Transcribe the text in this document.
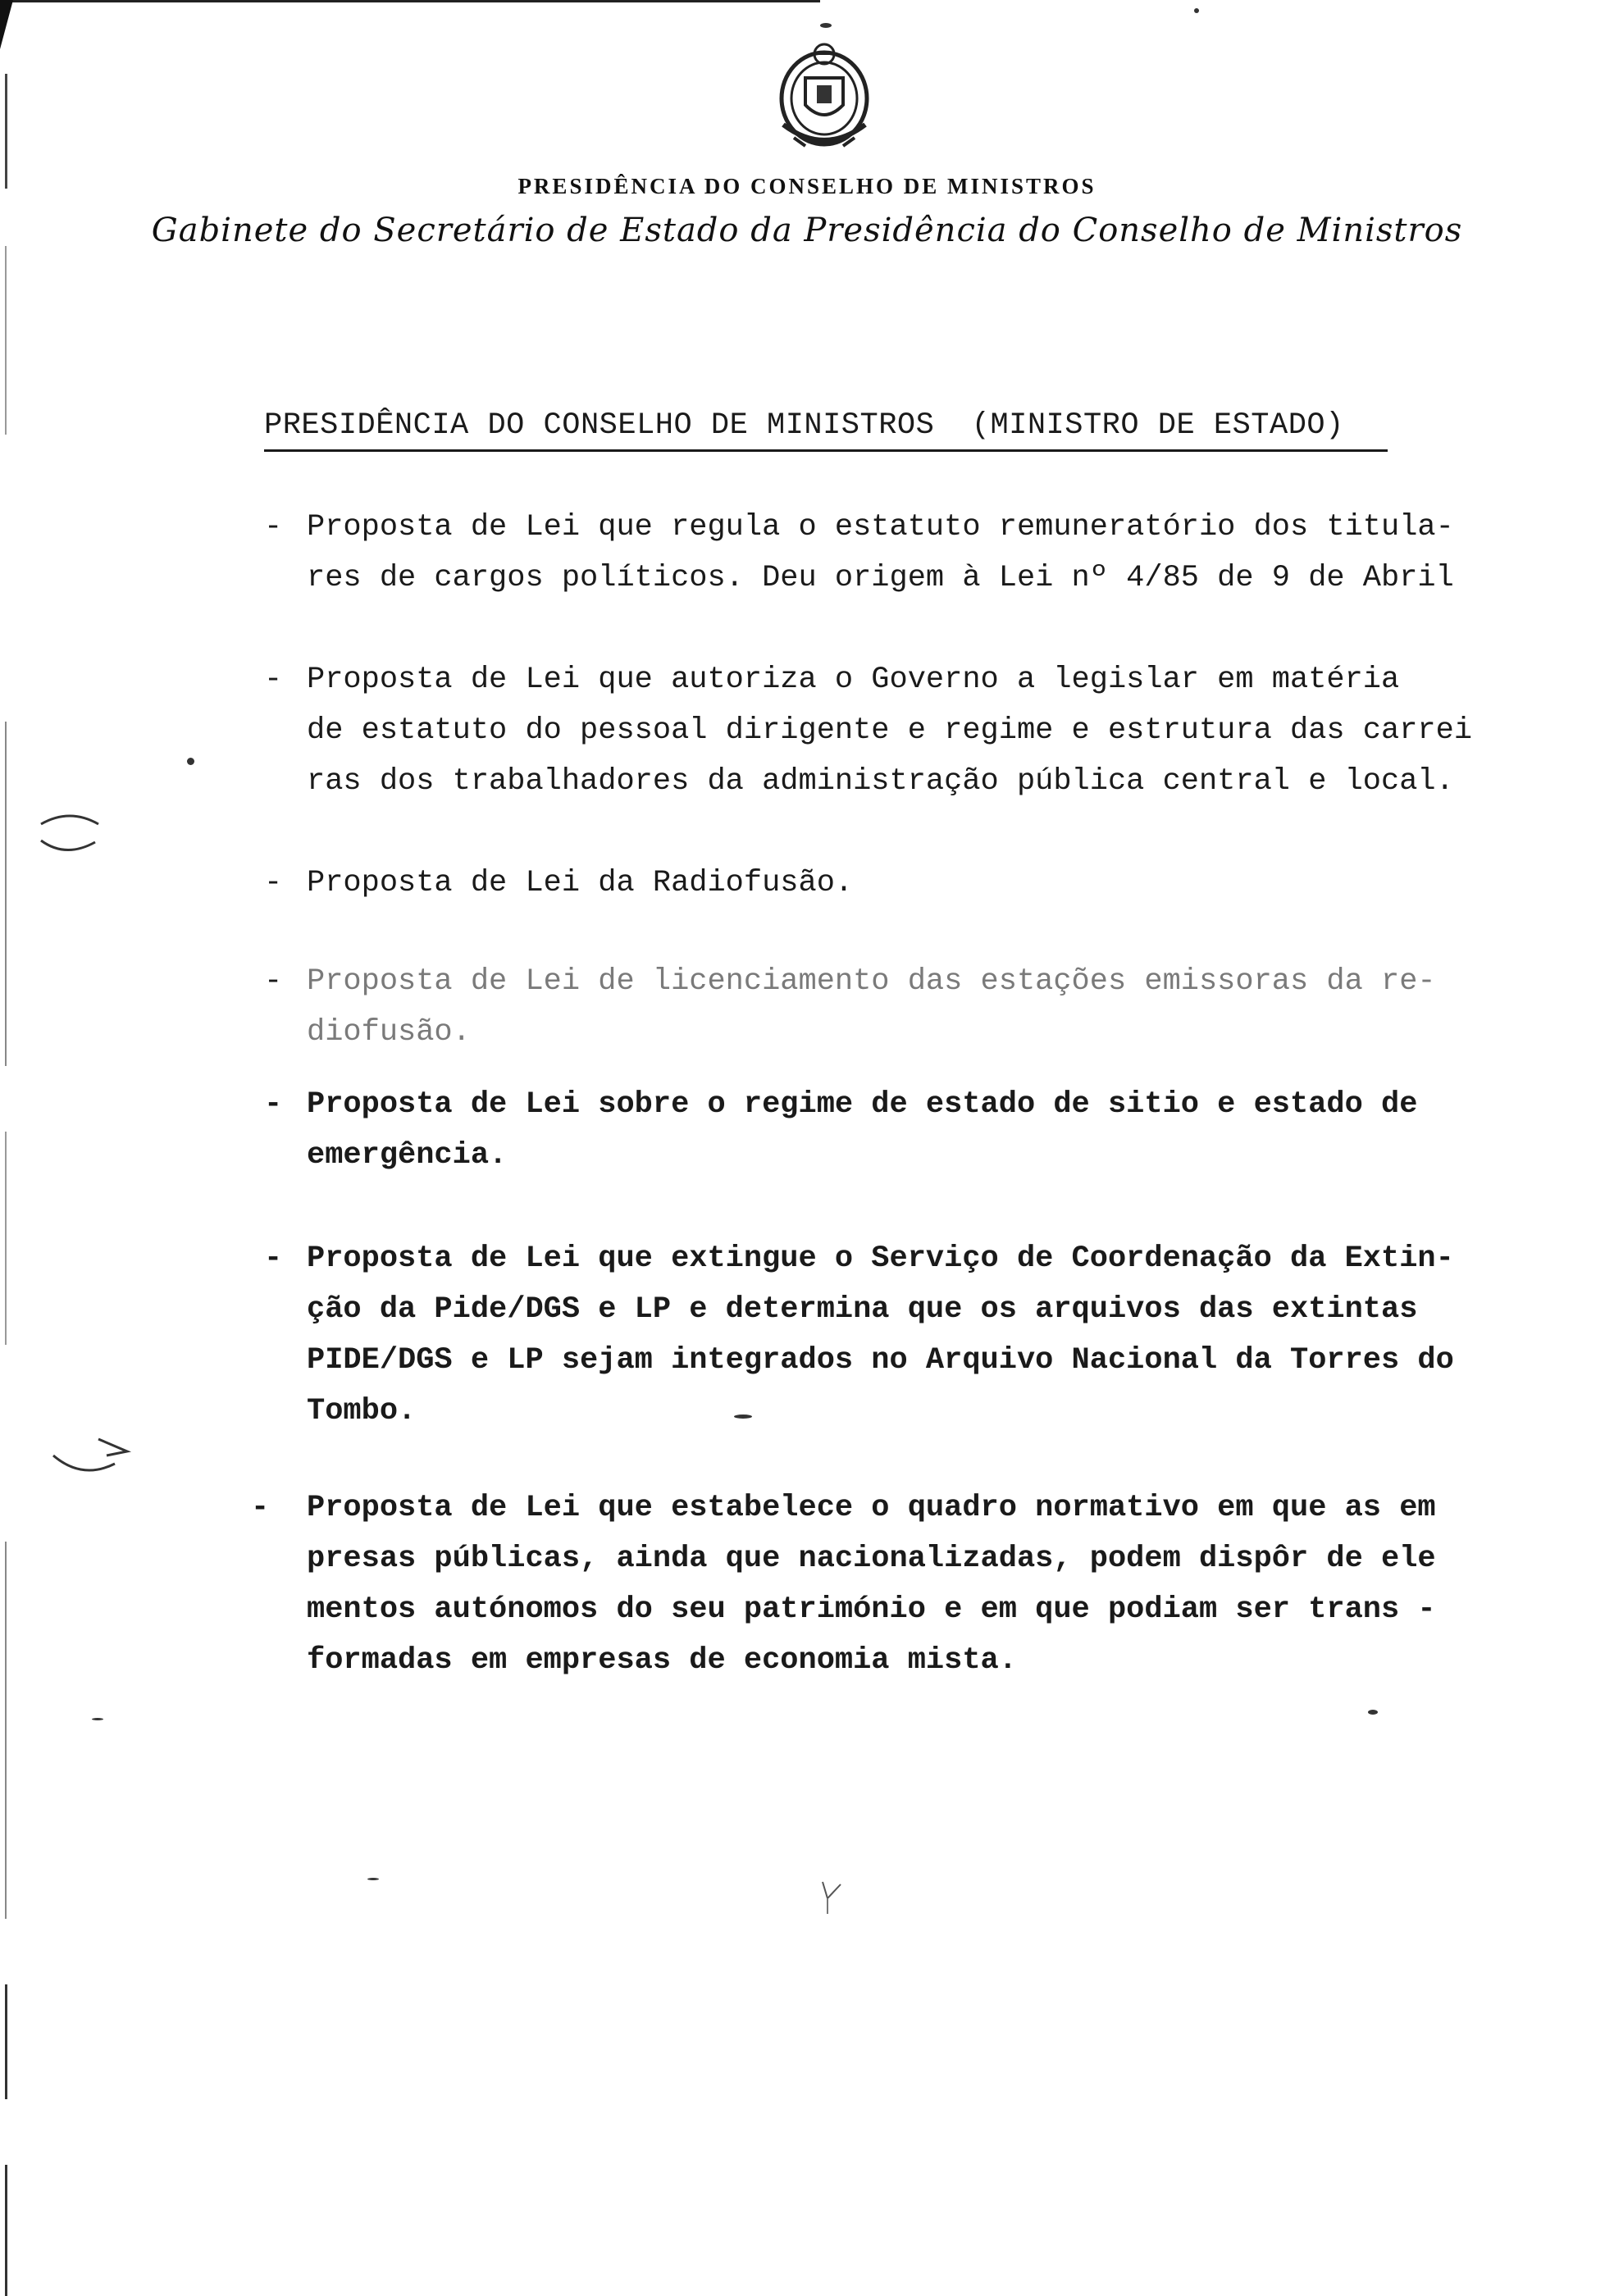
PRESIDÊNCIA DO CONSELHO DE MINISTROS
Gabinete do Secretário de Estado da Presidência do Conselho de Ministros
PRESIDÊNCIA DO CONSELHO DE MINISTROS  (MINISTRO DE ESTADO)
- Proposta de Lei que regula o estatuto remuneratório dos titula-
res de cargos políticos. Deu origem à Lei nº 4/85 de 9 de Abril
- Proposta de Lei que autoriza o Governo a legislar em matéria
de estatuto do pessoal dirigente e regime e estrutura das carrei
ras dos trabalhadores da administração pública central e local.
- Proposta de Lei da Radiofusão.
- Proposta de Lei de licenciamento das estações emissoras da re-
diofusão.
- Proposta de Lei sobre o regime de estado de sitio e estado de
emergência.
- Proposta de Lei que extingue o Serviço de Coordenação da Extin-
ção da Pide/DGS e LP e determina que os arquivos das extintas
PIDE/DGS e LP sejam integrados no Arquivo Nacional da Torres do
Tombo.
- Proposta de Lei que estabelece o quadro normativo em que as em
presas públicas, ainda que nacionalizadas, podem dispôr de ele
mentos autónomos do seu património e em que podiam ser trans -
formadas em empresas de economia mista.
